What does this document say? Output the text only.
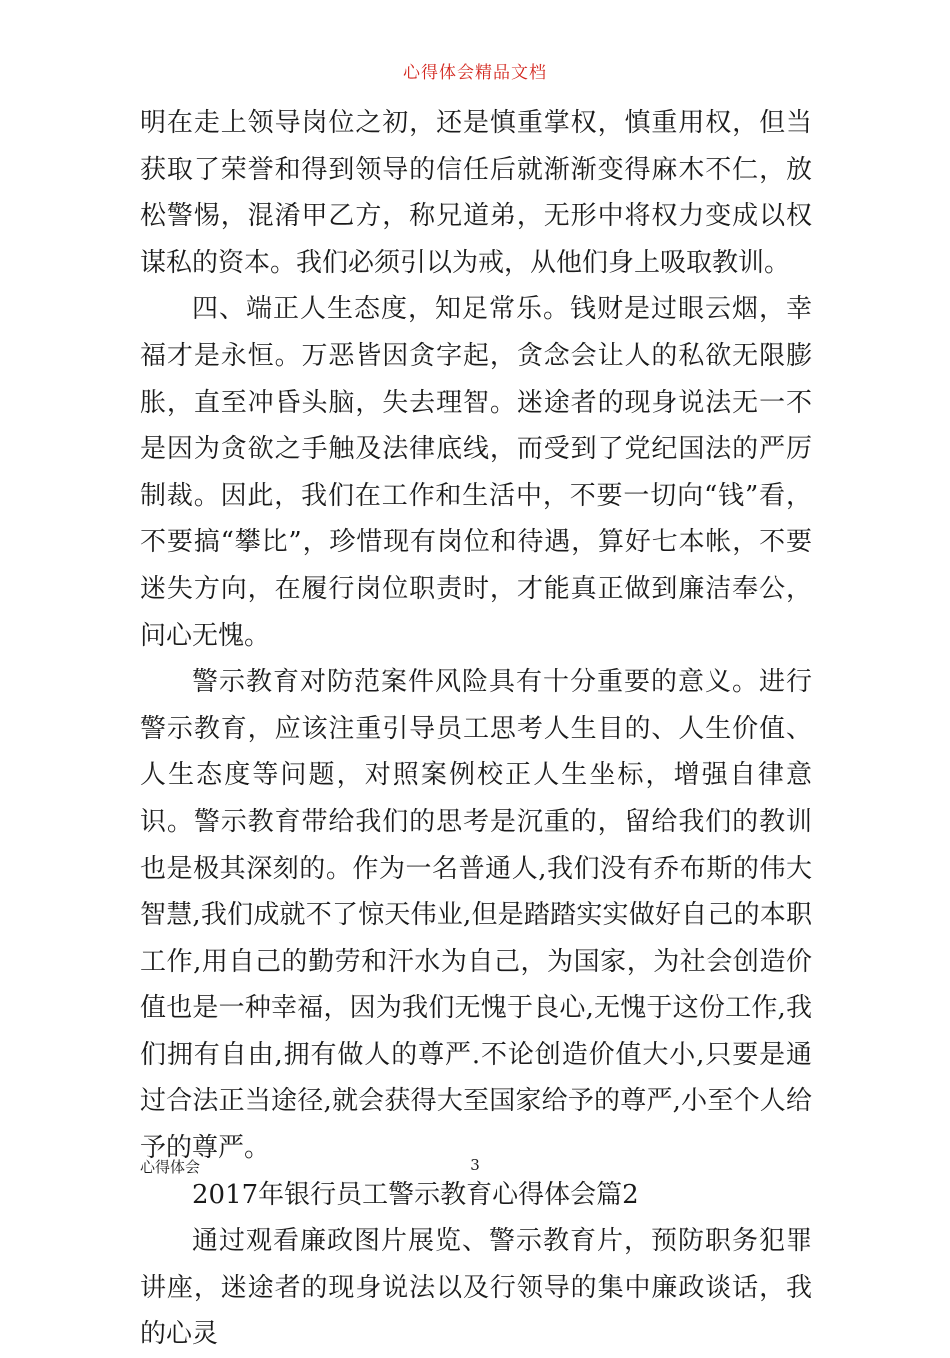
心得体会精品文档

明在走上领导岗位之初，还是慎重掌权，慎重用权，但当获取了荣誉和得到领导的信任后就渐渐变得麻木不仁，放松警惕，混淆甲乙方，称兄道弟，无形中将权力变成以权谋私的资本。我们必须引以为戒，从他们身上吸取教训。

四、端正人生态度，知足常乐。钱财是过眼云烟，幸福才是永恒。万恶皆因贪字起，贪念会让人的私欲无限膨胀，直至冲昏头脑，失去理智。迷途者的现身说法无一不是因为贪欲之手触及法律底线，而受到了党纪国法的严厉制裁。因此，我们在工作和生活中，不要一切向“钱”看，不要搞“攀比”，珍惜现有岗位和待遇，算好七本帐，不要迷失方向，在履行岗位职责时，才能真正做到廉洁奉公，问心无愧。

警示教育对防范案件风险具有十分重要的意义。进行警示教育，应该注重引导员工思考人生目的、人生价值、人生态度等问题，对照案例校正人生坐标，增强自律意识。警示教育带给我们的思考是沉重的，留给我们的教训也是极其深刻的。作为一名普通人,我们没有乔布斯的伟大智慧,我们成就不了惊天伟业,但是踏踏实实做好自己的本职工作,用自己的勤劳和汗水为自己，为国家，为社会创造价值也是一种幸福，因为我们无愧于良心,无愧于这份工作,我们拥有自由,拥有做人的尊严.不论创造价值大小,只要是通过合法正当途径,就会获得大至国家给予的尊严,小至个人给予的尊严。

2017年银行员工警示教育心得体会篇2

通过观看廉政图片展览、警示教育片，预防职务犯罪讲座，迷途者的现身说法以及行领导的集中廉政谈话，我的心灵

心得体会	3
